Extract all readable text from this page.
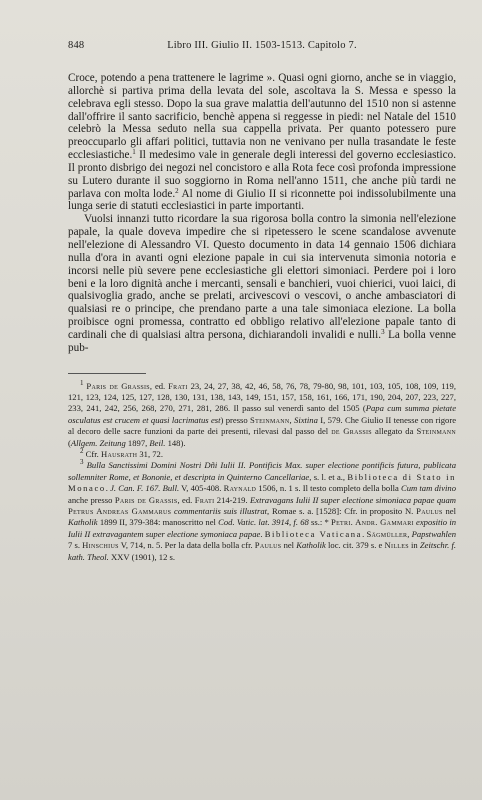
848	Libro III. Giulio II. 1503-1513. Capitolo 7.

Croce, potendo a pena trattenere le lagrime ». Quasi ogni giorno, anche se in viaggio, allorchè si partiva prima della levata del sole, ascoltava la S. Messa e spesso la celebrava egli stesso. Dopo la sua grave malattia dell'autunno del 1510 non si astenne dall'offrire il santo sacrificio, benchè appena si reggesse in piedi: nel Natale del 1510 celebrò la Messa seduto nella sua cappella privata. Per quanto potessero pure preoccuparlo gli affari politici, tuttavia non ne venivano per nulla trasandate le feste ecclesiastiche.$^1$ Il medesimo vale in generale degli interessi del governo ecclesiastico. Il pronto disbrigo dei negozi nel concistoro e alla Rota fece così profonda impressione su Lutero durante il suo soggiorno in Roma nell'anno 1511, che anche più tardi ne parlava con molta lode.$^2$ Al nome di Giulio II si riconnette poi indissolubilmente una lunga serie di statuti ecclesiastici in parte importanti.

Vuolsi innanzi tutto ricordare la sua rigorosa bolla contro la simonia nell'elezione papale, la quale doveva impedire che si ripetessero le scene scandalose avvenute nell'elezione di Alessandro VI. Questo documento in data 14 gennaio 1506 dichiara nulla d'ora in avanti ogni elezione papale in cui sia intervenuta simonia notoria e incorsi nelle più severe pene ecclesiastiche gli elettori simoniaci. Perdere poi i loro beni e la loro dignità anche i mercanti, sensali e banchieri, vuoi chierici, vuoi laici, di qualsivoglia grado, anche se prelati, arcivescovi o vescovi, o anche ambasciatori di qualsiasi re o principe, che prendano parte a una tale simoniaca elezione. La bolla proibisce ogni promessa, contratto ed obbligo relativo all'elezione papale tanto di cardinali che di qualsiasi altra persona, dichiarandoli invalidi e nulli.$^3$ La bolla venne pub-

$^1$ Paris de Grassis, ed. Frati 23, 24, 27, 38, 42, 46, 58, 76, 78, 79-80, 98, 101, 103, 105, 108, 109, 119, 121, 123, 124, 125, 127, 128, 130, 131, 138, 143, 149, 151, 157, 158, 161, 166, 171, 190, 204, 207, 223, 227, 233, 241, 242, 256, 268, 270, 271, 281, 286. Il passo sul venerdì santo del 1505 (Papa cum summa pietate osculatus est crucem et quasi lacrimatus est) presso Steinmann, Sixtina I, 579. Che Giulio II tenesse con rigore al decoro delle sacre funzioni da parte dei presenti, rilevasi dal passo del de Grassis allegato da Steinmann (Allgem. Zeitung 1897, Beil. 148).

$^2$ Cfr. Hausrath 31, 72.

$^3$ Bulla Sanctissimi Domini Nostri Dñi Iulii II. Pontificis Max. super electione pontificis futura, publicata sollemniter Rome, et Bononie, et descripta in Quinterno Cancellariae, s. l. et a., Biblioteca di Stato in Monaco. J. Can. F. 167. Bull. V, 405-408. Raynald 1506, n. 1 s. Il testo completo della bolla Cum tam divino anche presso Paris de Grassis, ed. Frati 214-219. Extravagans Iulii II super electione simoniaca papae quam Petrus Andreas Gammarus commentariis suis illustrat, Romae s. a. [1528]: Cfr. in proposito N. Paulus nel Katholik 1899 II, 379-384: manoscritto nel Cod. Vatic. lat. 3914, f. 68 ss.: * Petri. Andr. Gammari expositio in Iulii II extravagantem super electione symoniaca papae. Biblioteca Vaticana. Sägmüller, Papstwahlen 7 s. Hinschius V, 714, n. 5. Per la data della bolla cfr. Paulus nel Katholik loc. cit. 379 s. e Nilles in Zeitschr. f. kath. Theol. XXV (1901), 12 s.
